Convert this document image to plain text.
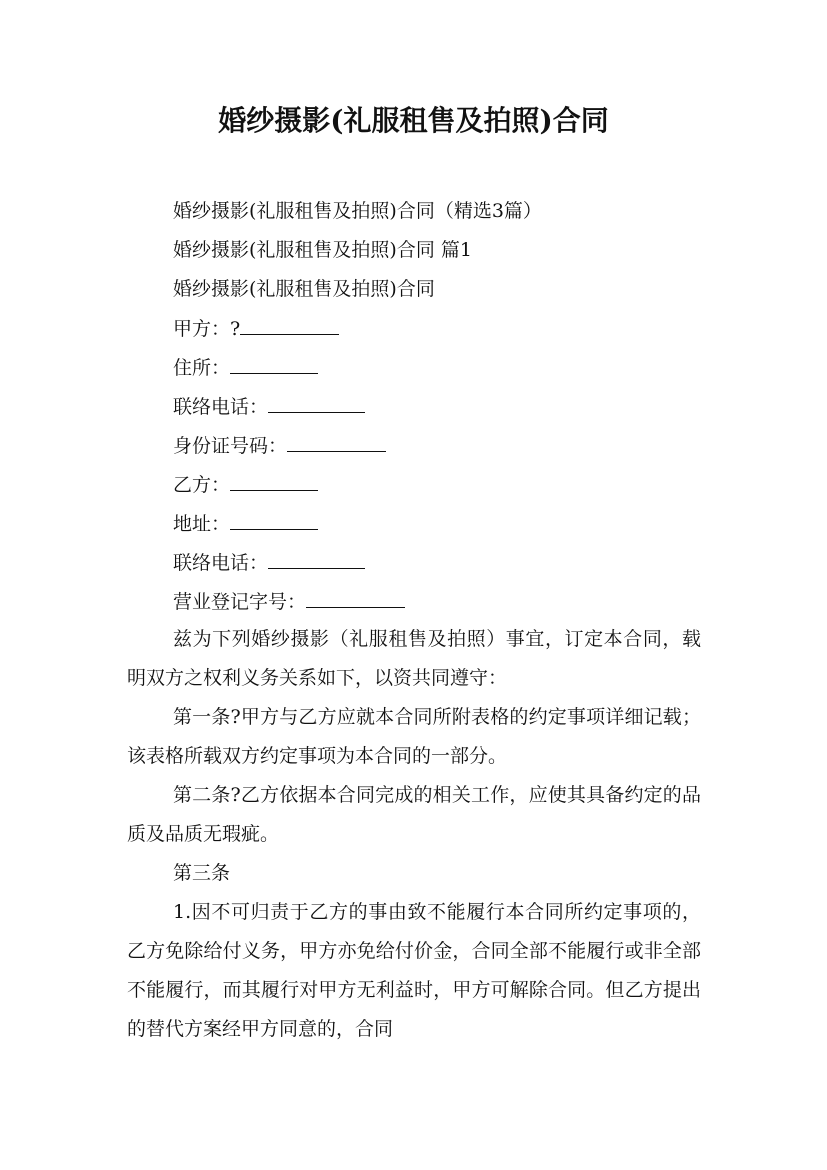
婚纱摄影(礼服租售及拍照)合同
婚纱摄影(礼服租售及拍照)合同（精选3篇）
婚纱摄影(礼服租售及拍照)合同 篇1
婚纱摄影(礼服租售及拍照)合同
甲方：?
住所：
联络电话：
身份证号码：
乙方：
地址：
联络电话：
营业登记字号：
兹为下列婚纱摄影（礼服租售及拍照）事宜，订定本合同，载明双方之权利义务关系如下，以资共同遵守：
第一条?甲方与乙方应就本合同所附表格的约定事项详细记载；该表格所载双方约定事项为本合同的一部分。
第二条?乙方依据本合同完成的相关工作，应使其具备约定的品质及品质无瑕疵。
第三条
1.因不可归责于乙方的事由致不能履行本合同所约定事项的，乙方免除给付义务，甲方亦免给付价金，合同全部不能履行或非全部不能履行，而其履行对甲方无利益时，甲方可解除合同。但乙方提出的替代方案经甲方同意的，合同
